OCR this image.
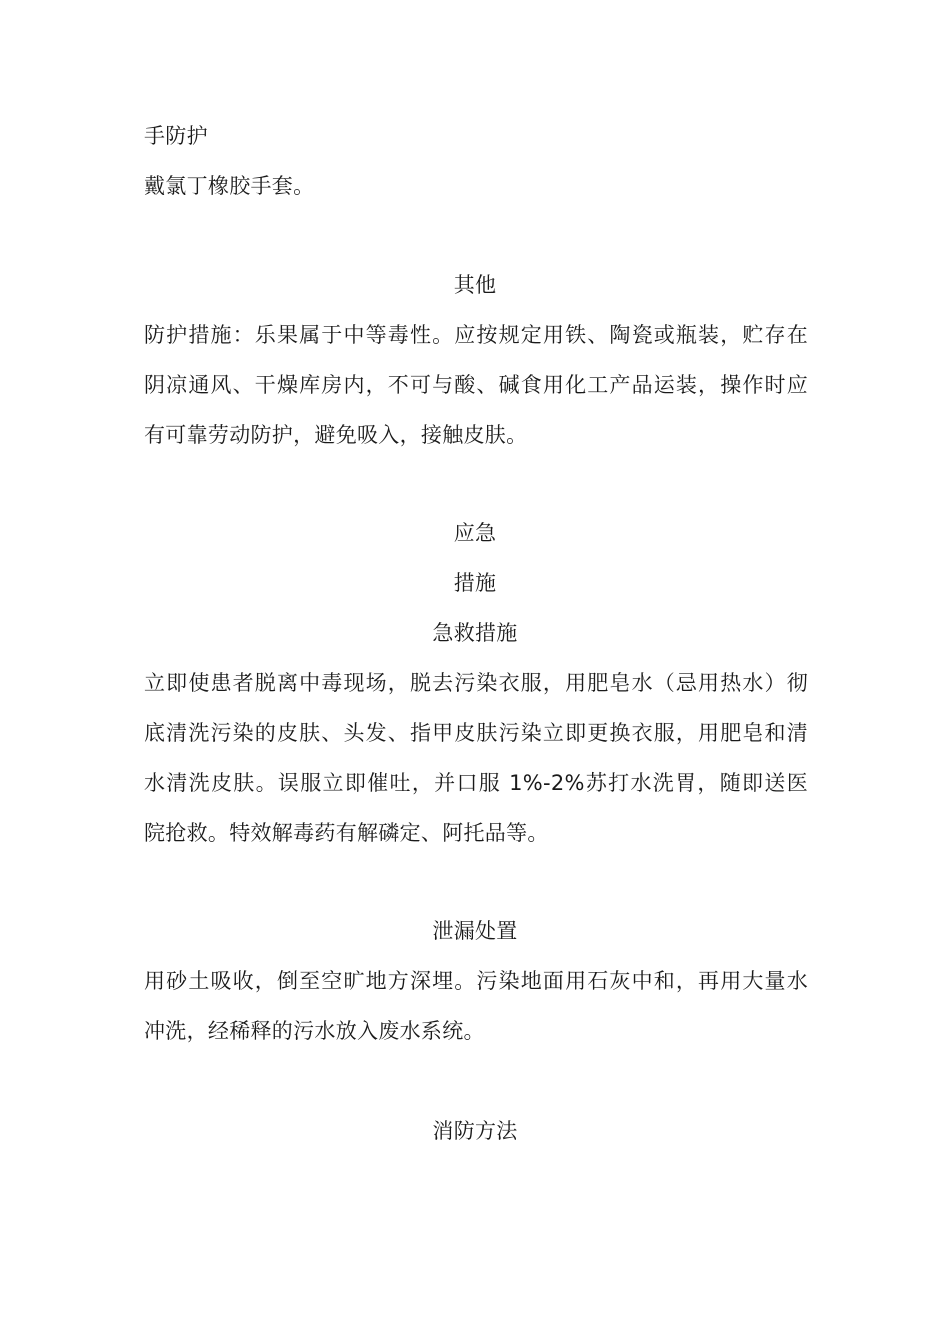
手防护
戴氯丁橡胶手套。
其他
防护措施：乐果属于中等毒性。应按规定用铁、陶瓷或瓶装，贮存在
阴凉通风、干燥库房内，不可与酸、碱食用化工产品运装，操作时应
有可靠劳动防护，避免吸入，接触皮肤。
应急
措施
急救措施
立即使患者脱离中毒现场，脱去污染衣服，用肥皂水（忌用热水）彻
底清洗污染的皮肤、头发、指甲皮肤污染立即更换衣服，用肥皂和清
水清洗皮肤。误服立即催吐，并口服 1%-2%苏打水洗胃，随即送医
院抢救。特效解毒药有解磷定、阿托品等。
泄漏处置
用砂土吸收，倒至空旷地方深埋。污染地面用石灰中和，再用大量水
冲洗，经稀释的污水放入废水系统。
消防方法
